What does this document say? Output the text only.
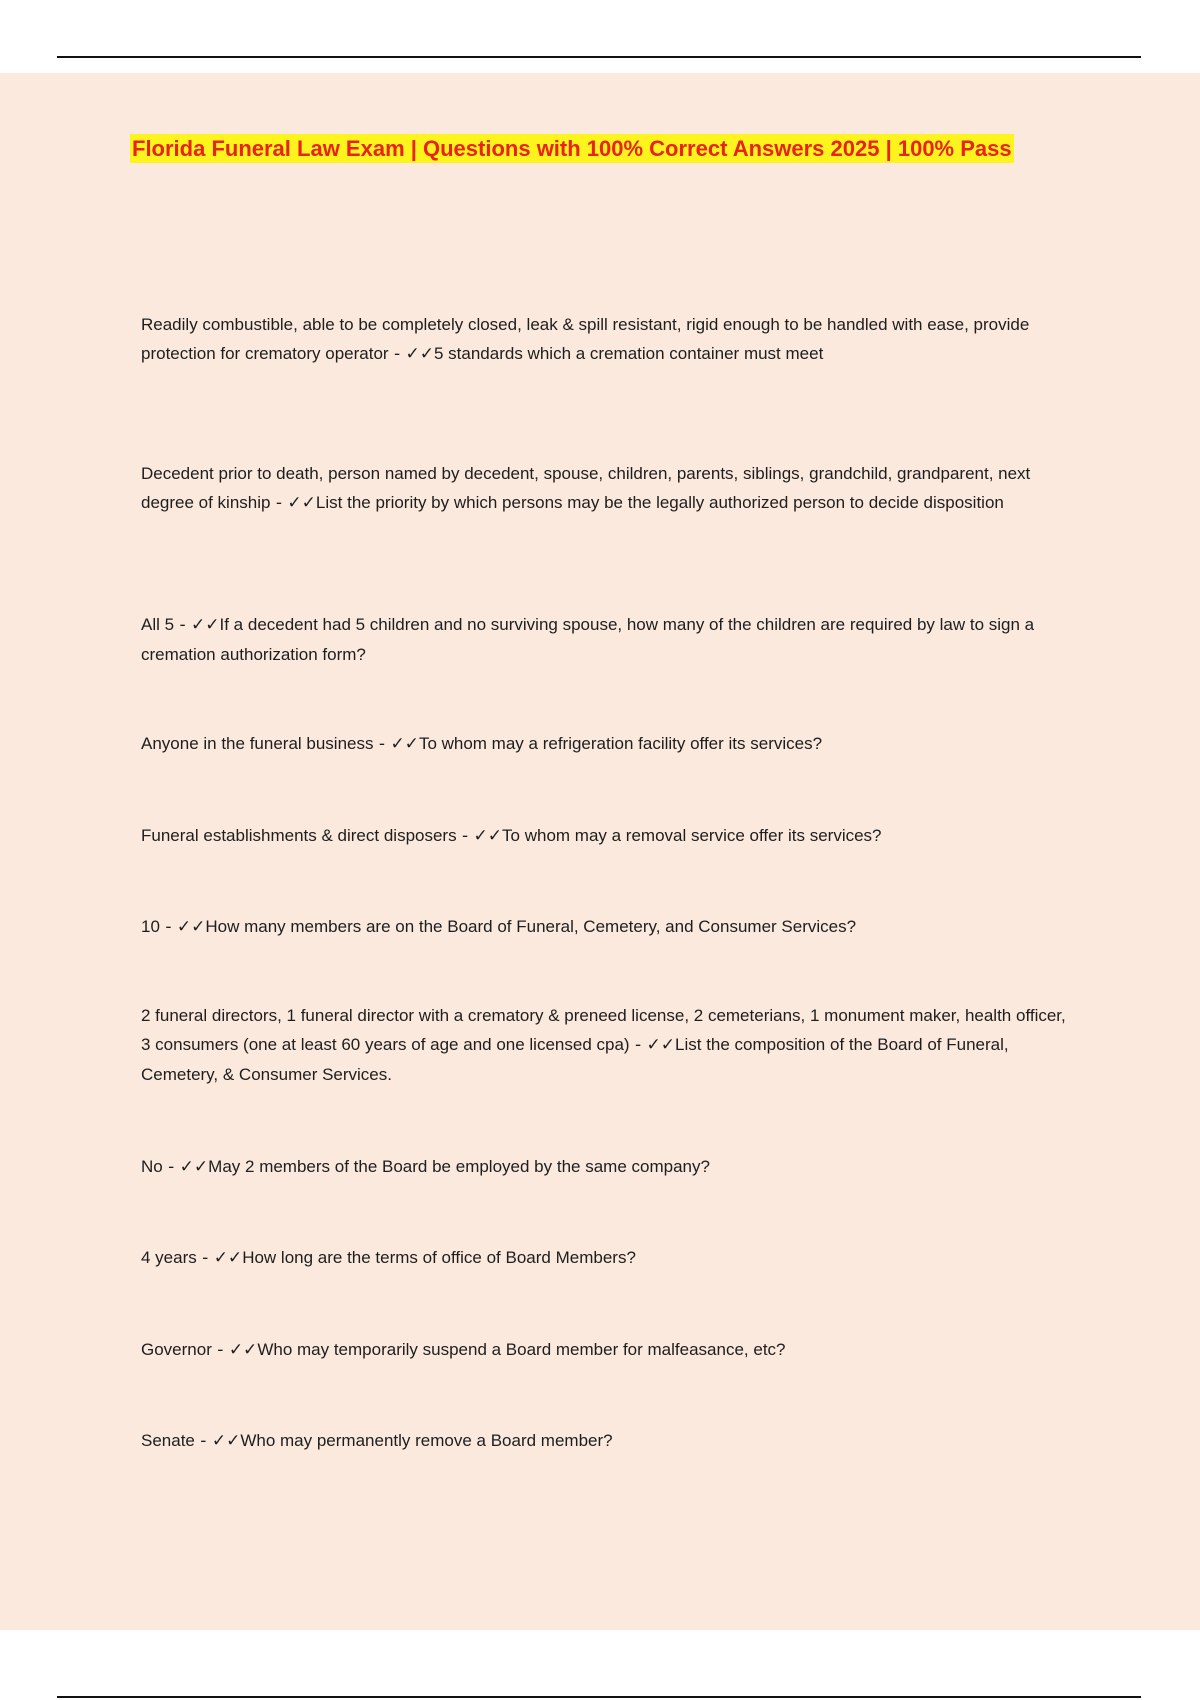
Florida Funeral Law Exam | Questions with 100% Correct Answers 2025 | 100% Pass

Readily combustible, able to be completely closed, leak & spill resistant, rigid enough to be handled with ease, provide protection for crematory operator - ✓✓5 standards which a cremation container must meet

Decedent prior to death, person named by decedent, spouse, children, parents, siblings, grandchild, grandparent, next degree of kinship - ✓✓List the priority by which persons may be the legally authorized person to decide disposition

All 5 - ✓✓If a decedent had 5 children and no surviving spouse, how many of the children are required by law to sign a cremation authorization form?

Anyone in the funeral business - ✓✓To whom may a refrigeration facility offer its services?

Funeral establishments & direct disposers - ✓✓To whom may a removal service offer its services?

10 - ✓✓How many members are on the Board of Funeral, Cemetery, and Consumer Services?

2 funeral directors, 1 funeral director with a crematory & preneed license, 2 cemeterians, 1 monument maker, health officer, 3 consumers (one at least 60 years of age and one licensed cpa) - ✓✓List the composition of the Board of Funeral, Cemetery, & Consumer Services.

No - ✓✓May 2 members of the Board be employed by the same company?

4 years - ✓✓How long are the terms of office of Board Members?

Governor - ✓✓Who may temporarily suspend a Board member for malfeasance, etc?

Senate - ✓✓Who may permanently remove a Board member?
